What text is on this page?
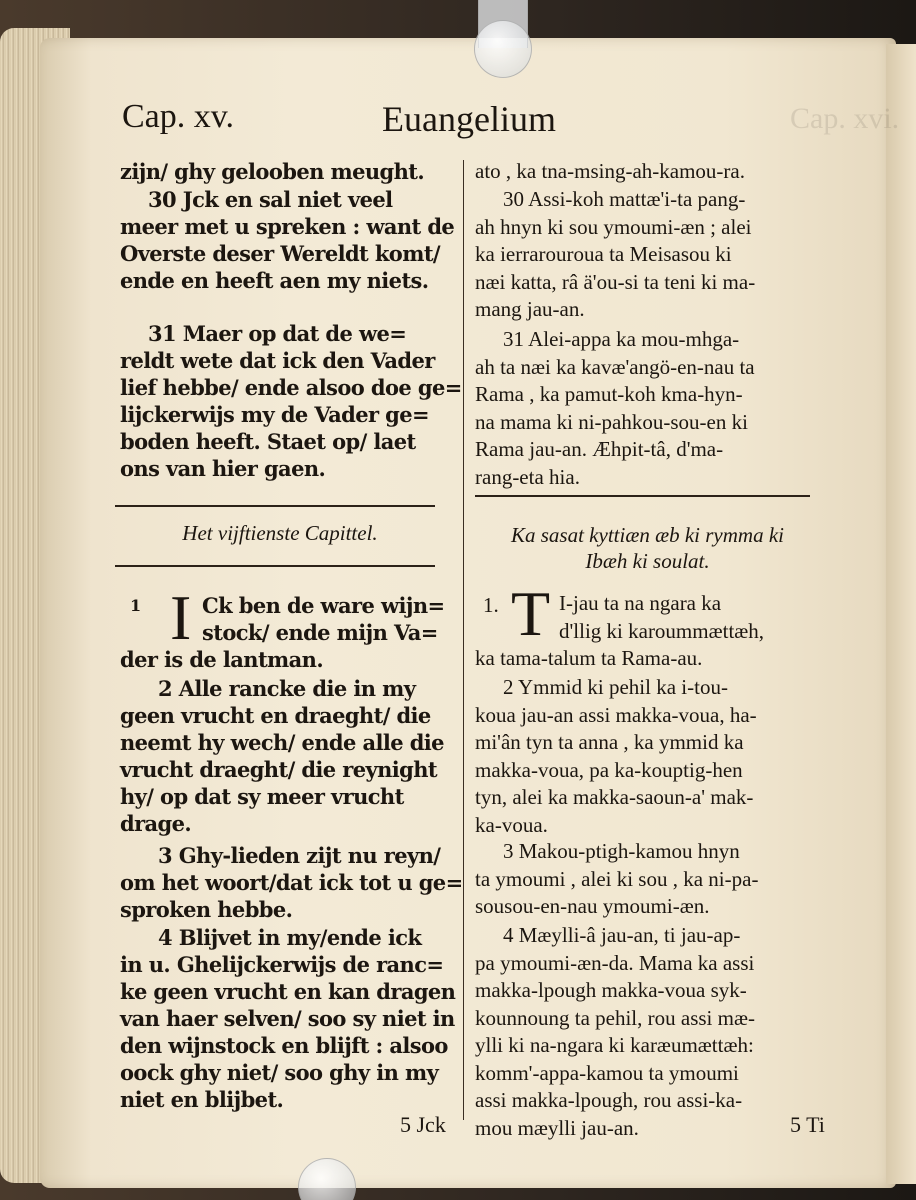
Cap. xvi.
Cap. xv.	Euangelium
zijn/ ghy gelooben meught.
30 Jck en sal niet veel
meer met u spreken : want de
Overste deser Wereldt komt/
ende en heeft aen my niets.
31 Maer op dat de we=
reldt wete dat ick den Vader
lief hebbe/ ende alsoo doe ge=
lijckerwijs my de Vader ge=
boden heeft. Staet op/ laet
ons van hier gaen.
Het vijftienste Capittel.
1 I Ck ben de ware wijn=
stock/ ende mijn Va=
der is de lantman.
2 Alle rancke die in my
geen vrucht en draeght/ die
neemt hy wech/ ende alle die
vrucht draeght/ die reynight
hy/ op dat sy meer vrucht
drage.
3 Ghy-lieden zijt nu reyn/
om het woort/dat ick tot u ge=
sproken hebbe.
4 Blijvet in my/ende ick
in u. Ghelijckerwijs de ranc=
ke geen vrucht en kan dragen
van haer selven/ soo sy niet in
den wijnstock en blijft : alsoo
oock ghy niet/ soo ghy in my
niet en blijbet.
5 Jck
ato , ka tna-msing-ah-kamou-ra.
30 Assi-koh mattæ'i-ta pang-
ah hnyn ki sou ymoumi-æn ; alei
ka ierrarouroua ta Meisasou ki
næi katta, râ ä'ou-si ta teni ki ma-
mang jau-an.
31 Alei-appa ka mou-mhga-
ah ta næi ka kavæ'angö-en-nau ta
Rama , ka pamut-koh kma-hyn-
na mama ki ni-pahkou-sou-en ki
Rama jau-an. Æhpit-tâ, d'ma-
rang-eta hia.
Ka sasat kyttiæn æb ki rymma ki
Ibæh ki soulat.
1. T I-jau ta na ngara ka
d'llig ki karoummættæh,
ka tama-talum ta Rama-au.
2 Ymmid ki pehil ka i-tou-
koua jau-an assi makka-voua, ha-
mi'ân tyn ta anna , ka ymmid ka
makka-voua, pa ka-kouptig-hen
tyn, alei ka makka-saoun-a' mak-
ka-voua.
3 Makou-ptigh-kamou hnyn
ta ymoumi , alei ki sou , ka ni-pa-
sousou-en-nau ymoumi-æn.
4 Mæylli-â jau-an, ti jau-ap-
pa ymoumi-æn-da. Mama ka assi
makka-lpough makka-voua syk-
kounnoung ta pehil, rou assi mæ-
ylli ki na-ngara ki karæumættæh:
komm'-appa-kamou ta ymoumi
assi makka-lpough, rou assi-ka-
mou mæylli jau-an.	5 Ti
